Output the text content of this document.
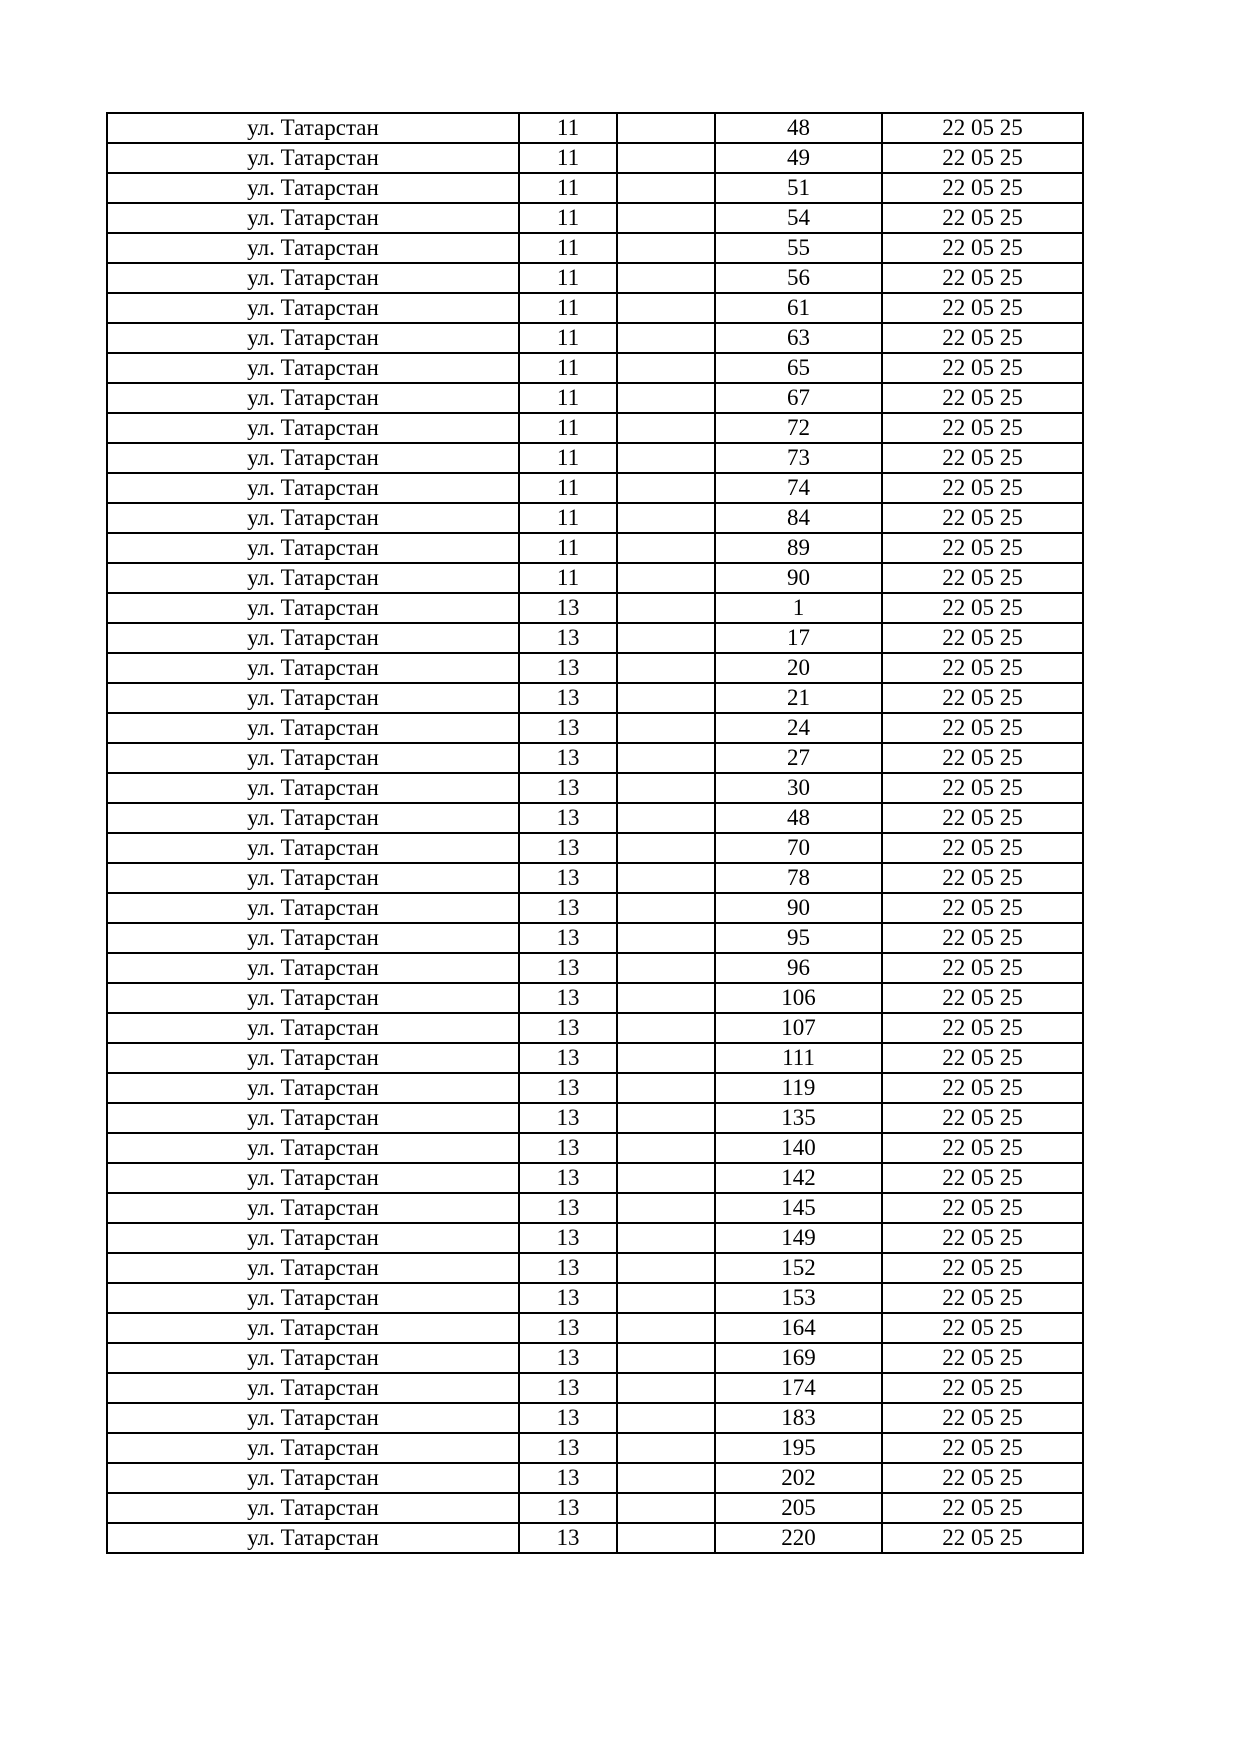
ул. Татарстан	11		48	22 05 25
ул. Татарстан	11		49	22 05 25
ул. Татарстан	11		51	22 05 25
ул. Татарстан	11		54	22 05 25
ул. Татарстан	11		55	22 05 25
ул. Татарстан	11		56	22 05 25
ул. Татарстан	11		61	22 05 25
ул. Татарстан	11		63	22 05 25
ул. Татарстан	11		65	22 05 25
ул. Татарстан	11		67	22 05 25
ул. Татарстан	11		72	22 05 25
ул. Татарстан	11		73	22 05 25
ул. Татарстан	11		74	22 05 25
ул. Татарстан	11		84	22 05 25
ул. Татарстан	11		89	22 05 25
ул. Татарстан	11		90	22 05 25
ул. Татарстан	13		1	22 05 25
ул. Татарстан	13		17	22 05 25
ул. Татарстан	13		20	22 05 25
ул. Татарстан	13		21	22 05 25
ул. Татарстан	13		24	22 05 25
ул. Татарстан	13		27	22 05 25
ул. Татарстан	13		30	22 05 25
ул. Татарстан	13		48	22 05 25
ул. Татарстан	13		70	22 05 25
ул. Татарстан	13		78	22 05 25
ул. Татарстан	13		90	22 05 25
ул. Татарстан	13		95	22 05 25
ул. Татарстан	13		96	22 05 25
ул. Татарстан	13		106	22 05 25
ул. Татарстан	13		107	22 05 25
ул. Татарстан	13		111	22 05 25
ул. Татарстан	13		119	22 05 25
ул. Татарстан	13		135	22 05 25
ул. Татарстан	13		140	22 05 25
ул. Татарстан	13		142	22 05 25
ул. Татарстан	13		145	22 05 25
ул. Татарстан	13		149	22 05 25
ул. Татарстан	13		152	22 05 25
ул. Татарстан	13		153	22 05 25
ул. Татарстан	13		164	22 05 25
ул. Татарстан	13		169	22 05 25
ул. Татарстан	13		174	22 05 25
ул. Татарстан	13		183	22 05 25
ул. Татарстан	13		195	22 05 25
ул. Татарстан	13		202	22 05 25
ул. Татарстан	13		205	22 05 25
ул. Татарстан	13		220	22 05 25
